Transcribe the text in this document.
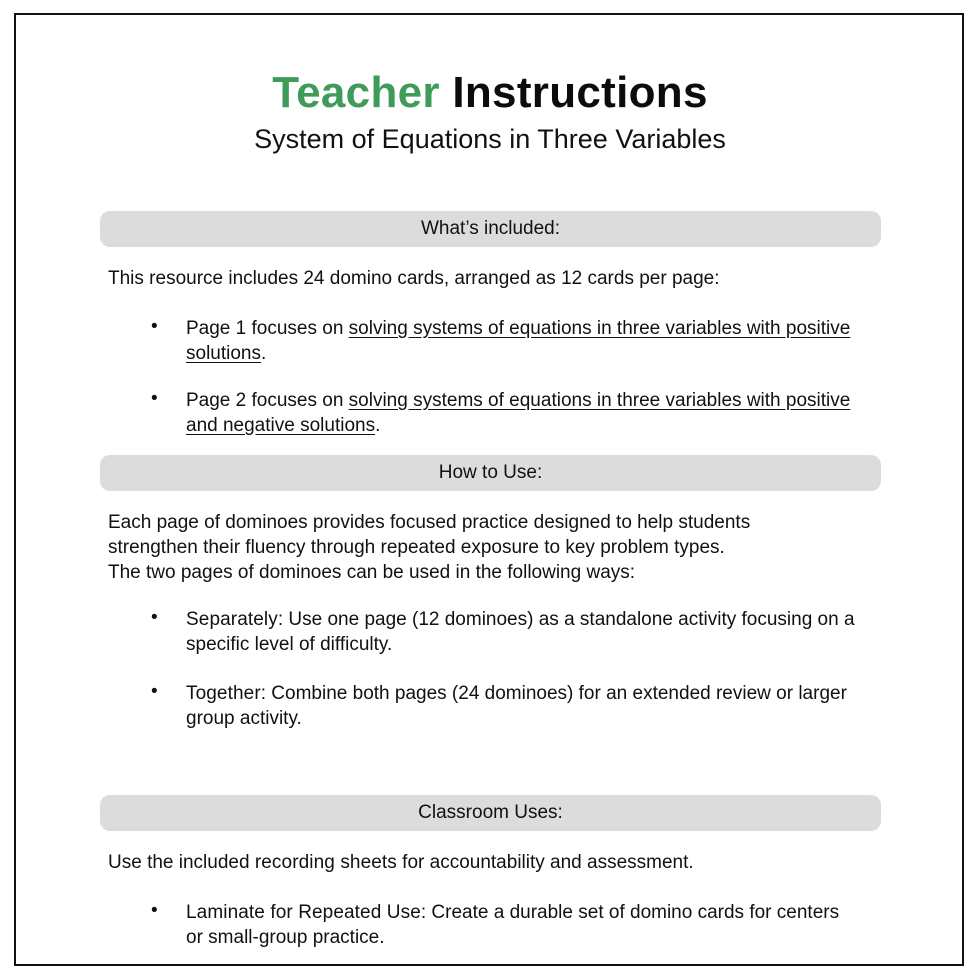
Teacher Instructions
System of Equations in Three Variables
What’s included:
This resource includes 24 domino cards, arranged as 12 cards per page:
• Page 1 focuses on solving systems of equations in three variables with positive solutions.
• Page 2 focuses on solving systems of equations in three variables with positive and negative solutions.
How to Use:
Each page of dominoes provides focused practice designed to help students
strengthen their fluency through repeated exposure to key problem types.
The two pages of dominoes can be used in the following ways:
• Separately: Use one page (12 dominoes) as a standalone activity focusing on a specific level of difficulty.
• Together: Combine both pages (24 dominoes) for an extended review or larger group activity.
Classroom Uses:
Use the included recording sheets for accountability and assessment.
• Laminate for Repeated Use: Create a durable set of domino cards for centers or small-group practice.
